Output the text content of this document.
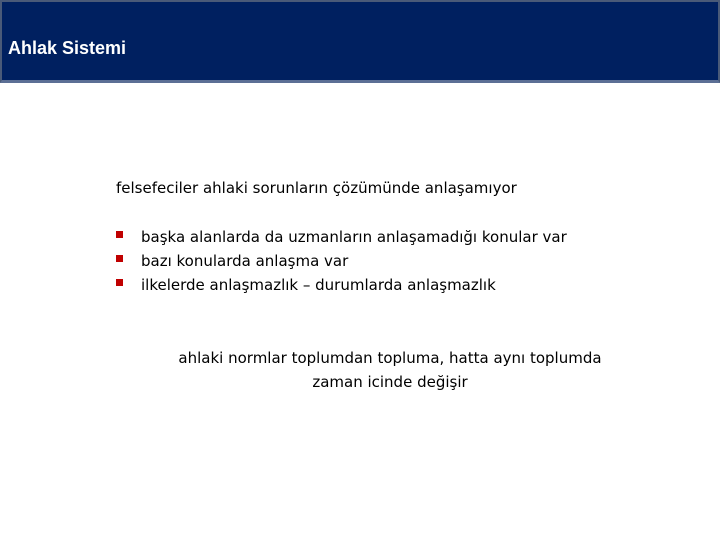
Ahlak Sistemi
felsefeciler ahlaki sorunların çözümünde anlaşamıyor
başka alanlarda da uzmanların anlaşamadığı konular var
bazı konularda anlaşma var
ilkelerde anlaşmazlık – durumlarda anlaşmazlık
ahlaki normlar toplumdan topluma, hatta aynı toplumda
zaman icinde değişir
